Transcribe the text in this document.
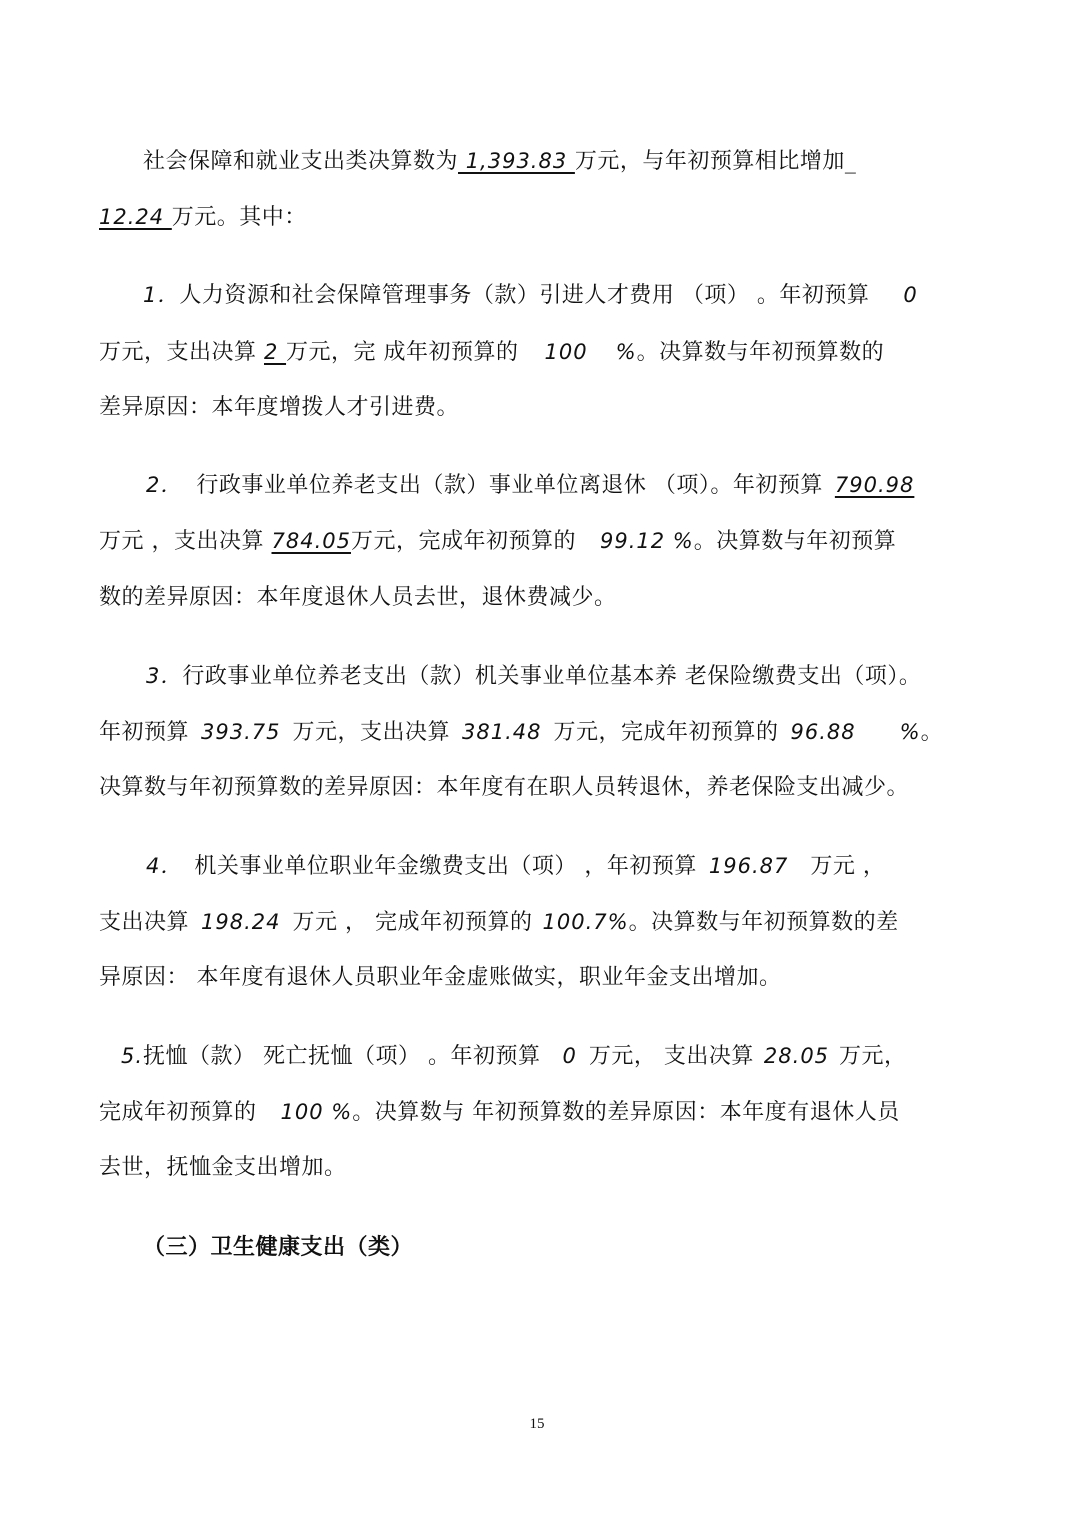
社会保障和就业支出类决算数为 1,393.83 万元，与年初预算相比增加_
12.24 万元。其中：
1．人力资源和社会保障管理事务（款）引进人才费用 （项） 。年初预算 0
万元，支出决算 2 万元，完 成年初预算的 100 %。决算数与年初预算数的
差异原因：本年度增拨人才引进费。
2． 行政事业单位养老支出（款）事业单位离退休 （项）。年初预算 790.98
万元 ，支出决算 784.05万元，完成年初预算的 99.12 %。决算数与年初预算
数的差异原因：本年度退休人员去世，退休费减少。
3．行政事业单位养老支出（款）机关事业单位基本养 老保险缴费支出（项）。
年初预算 393.75 万元，支出决算 381.48 万元，完成年初预算的 96.88 %。
决算数与年初预算数的差异原因：本年度有在职人员转退休，养老保险支出减少。
4． 机关事业单位职业年金缴费支出（项） ，年初预算 196.87 万元 ，
支出决算 198.24 万元 ， 完成年初预算的 100.7%。决算数与年初预算数的差
异原因： 本年度有退休人员职业年金虚账做实，职业年金支出增加。
5.抚恤（款） 死亡抚恤（项） 。年初预算 0 万元， 支出决算 28.05 万元，
完成年初预算的 100 %。决算数与 年初预算数的差异原因：本年度有退休人员
去世，抚恤金支出增加。
（三）卫生健康支出（类）
15
